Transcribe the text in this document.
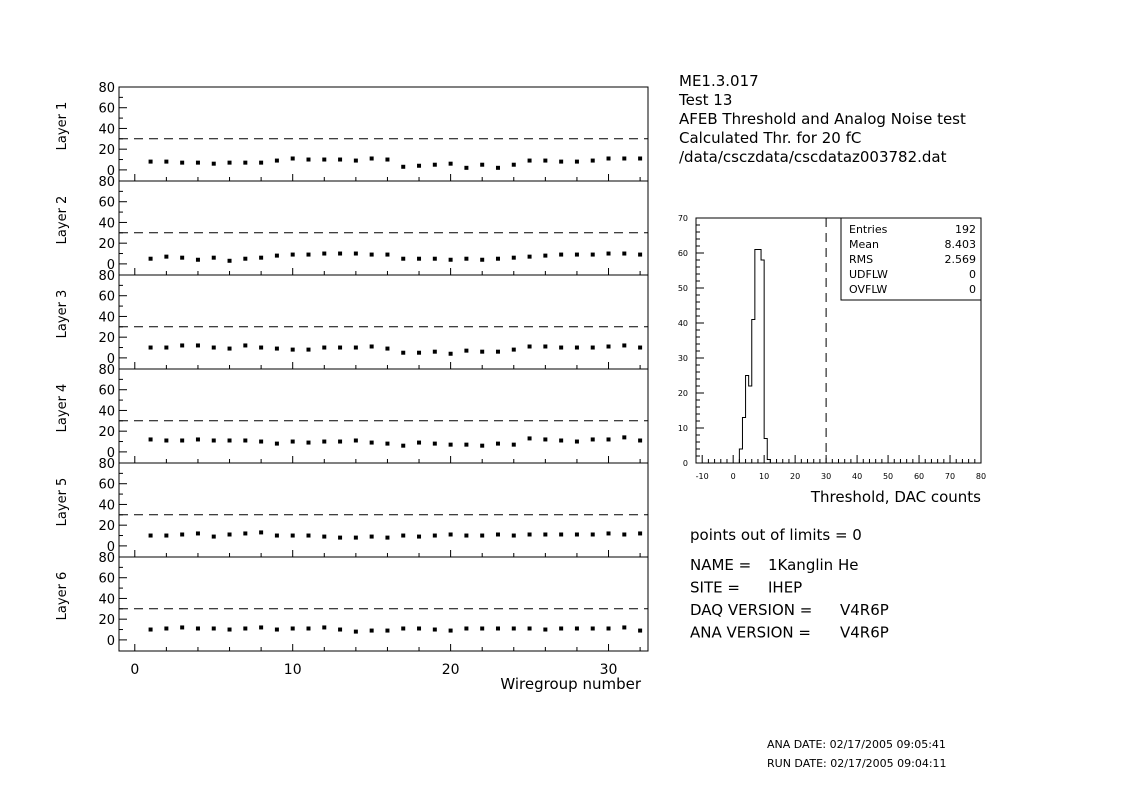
ME1.3.017
Test 13
AFEB Threshold and Analog Noise test
Calculated Thr. for 20 fC
/data/csczdata/cscdataz003782.dat
0
20
40
60
80
Layer 1
0
20
40
60
80
Layer 2
0
20
40
60
80
Layer 3
0
20
40
60
80
Layer 4
0
20
40
60
80
Layer 5
0
20
40
60
80
Layer 6
0	10	20	30
Wiregroup number
0
10
20
30
40
50
60
70
-10	0	10	20	30	40	50	60	70	80
Entries	192
Mean	8.403
RMS	2.569
UDFLW	0
OVFLW	0
Threshold, DAC counts
points out of limits = 0
NAME = 1Kanglin He
SITE = IHEP
DAQ VERSION = V4R6P
ANA VERSION = V4R6P
ANA DATE: 02/17/2005 09:05:41
RUN DATE: 02/17/2005 09:04:11
